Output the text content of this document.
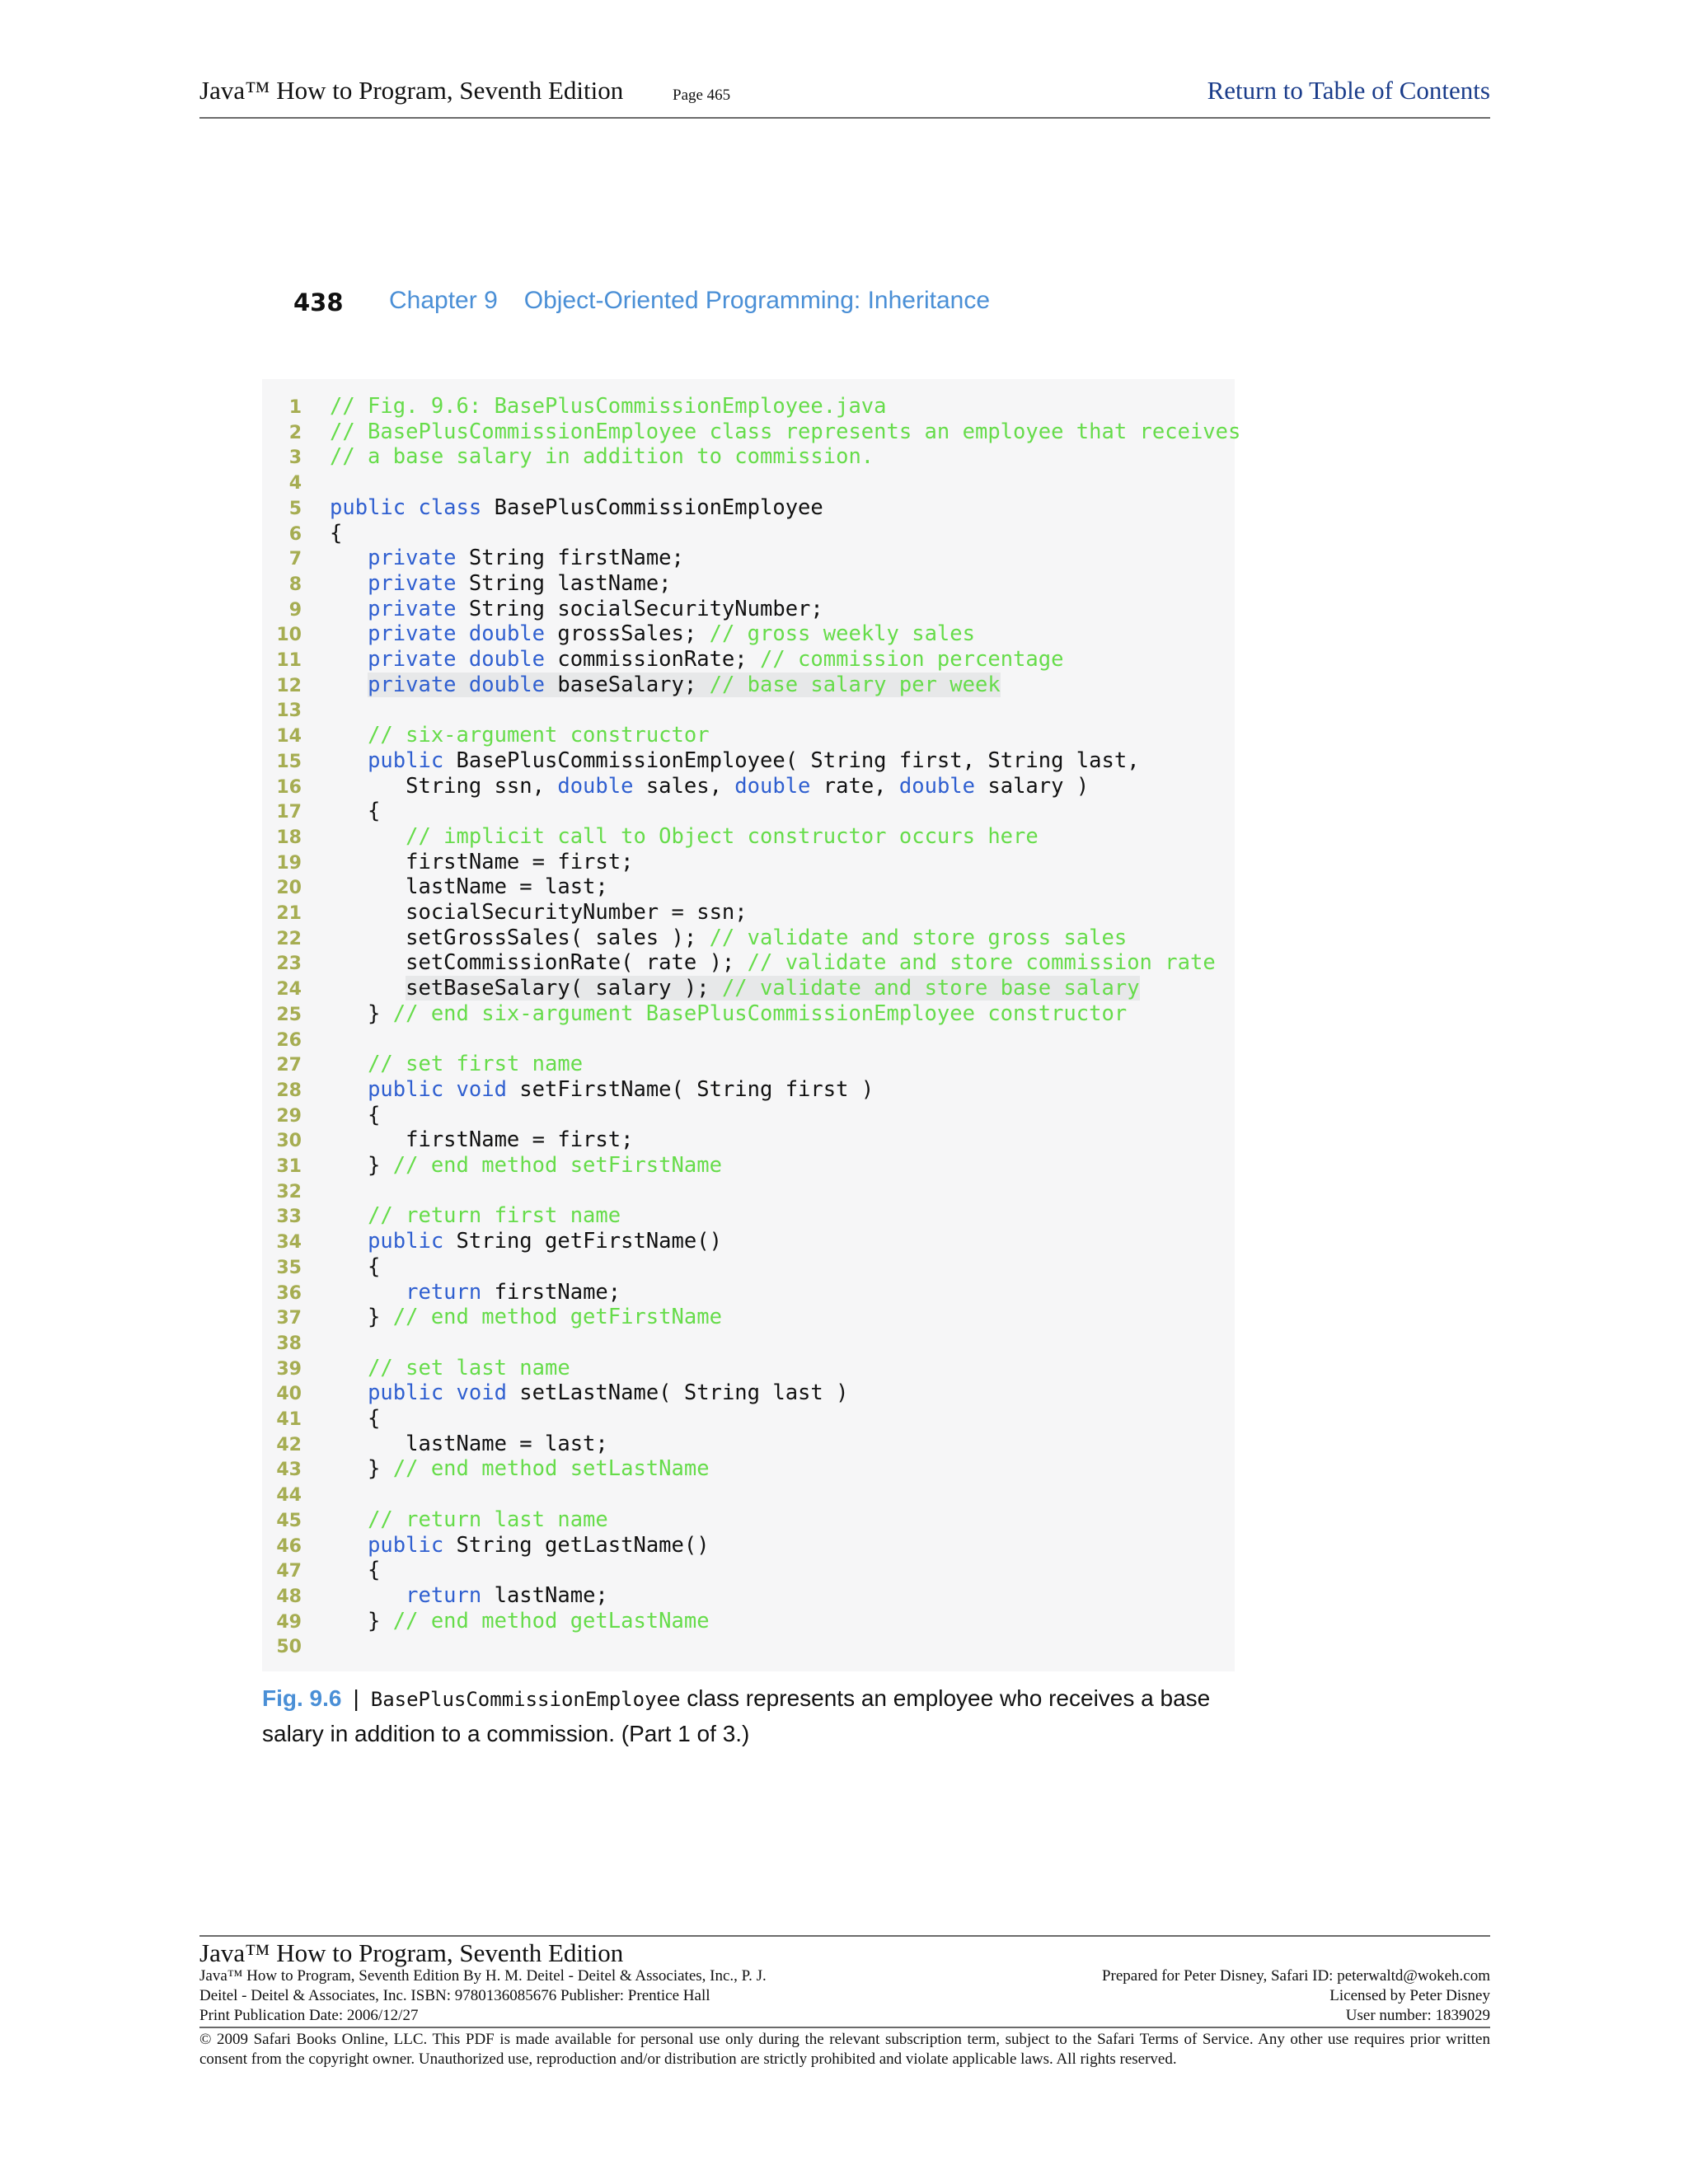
Java™ How to Program, Seventh Edition	Page 465	Return to Table of Contents
438 Chapter 9 Object-Oriented Programming: Inheritance
1 // Fig. 9.6: BasePlusCommissionEmployee.java
2 // BasePlusCommissionEmployee class represents an employee that receives
3 // a base salary in addition to commission.
4
5 public class BasePlusCommissionEmployee
6 {
7	private String firstName;
8	private String lastName;
9	private String socialSecurityNumber;
10	private double grossSales; // gross weekly sales
11	private double commissionRate; // commission percentage
12	private double baseSalary; // base salary per week
13
14	// six-argument constructor
15	public BasePlusCommissionEmployee( String first, String last,
16      String ssn, double sales, double rate, double salary )
17   {
18	// implicit call to Object constructor occurs here
19      firstName = first;
20      lastName = last;
21      socialSecurityNumber = ssn;
22      setGrossSales( sales ); // validate and store gross sales
23      setCommissionRate( rate ); // validate and store commission rate
24	setBaseSalary( salary ); // validate and store base salary
25   } // end six-argument BasePlusCommissionEmployee constructor
26
27	// set first name
28	public void setFirstName( String first )
29   {
30      firstName = first;
31   } // end method setFirstName
32
33	// return first name
34	public String getFirstName()
35   {
36	return firstName;
37   } // end method getFirstName
38
39	// set last name
40	public void setLastName( String last )
41   {
42      lastName = last;
43   } // end method setLastName
44
45	// return last name
46	public String getLastName()
47   {
48	return lastName;
49   } // end method getLastName
50
Fig. 9.6 | BasePlusCommissionEmployee class represents an employee who receives a base salary in addition to a commission. (Part 1 of 3.)
Java™ How to Program, Seventh Edition
Java™ How to Program, Seventh Edition By H. M. Deitel - Deitel & Associates, Inc., P. J.
Deitel - Deitel & Associates, Inc. ISBN: 9780136085676 Publisher: Prentice Hall
Print Publication Date: 2006/12/27
Prepared for Peter Disney, Safari ID: peterwaltd@wokeh.com
Licensed by Peter Disney
User number: 1839029
© 2009 Safari Books Online, LLC. This PDF is made available for personal use only during the relevant subscription term, subject to the Safari Terms of Service. Any other use requires prior written consent from the copyright owner. Unauthorized use, reproduction and/or distribution are strictly prohibited and violate applicable laws. All rights reserved.
